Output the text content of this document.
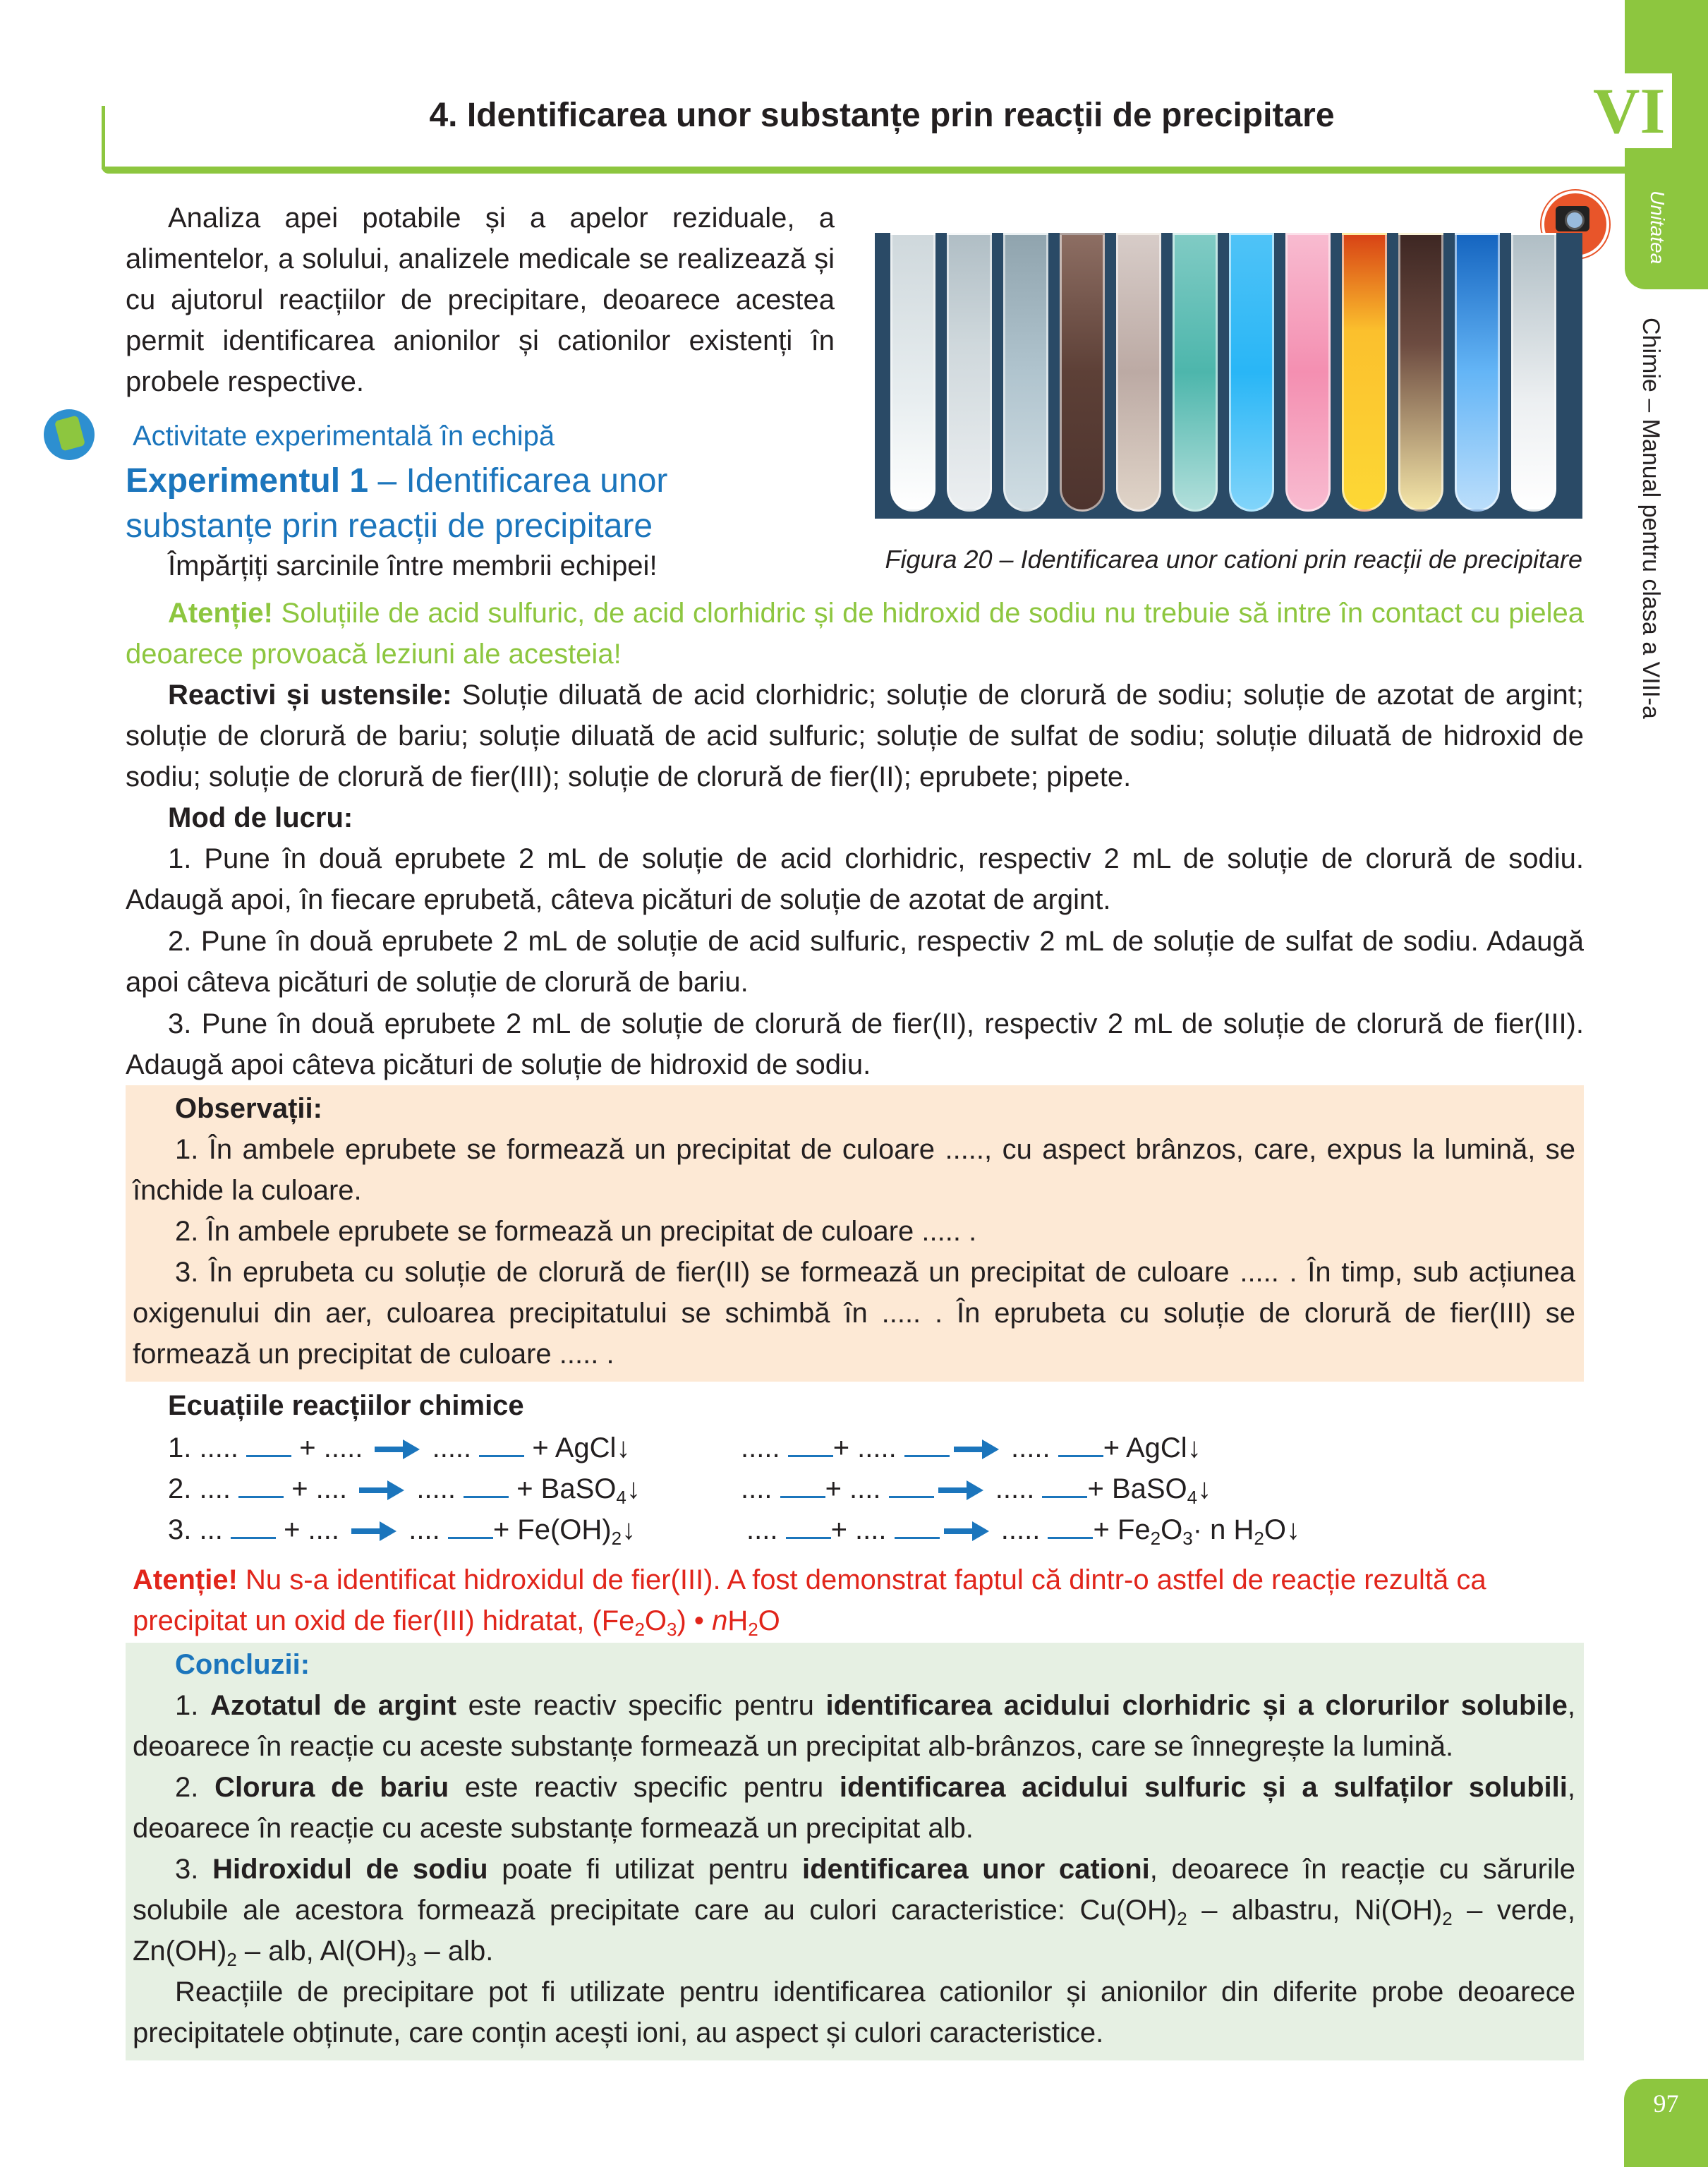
4. Identificarea unor substanțe prin reacții de precipitare	VI
Unitatea
Chimie – Manual pentru clasa a VIII-a
Analiza apei potabile și a apelor reziduale, a alimentelor, a solului, analizele medicale se realizează și cu ajutorul reacțiilor de precipitare, deoarece acestea permit identificarea anionilor și cationilor existenți în probele respective.
Figura 20 – Identificarea unor cationi prin reacții de precipitare
Activitate experimentală în echipă
Experimentul 1 – Identificarea unor substanțe prin reacții de precipitare
Împărțiți sarcinile între membrii echipei!
Atenție! Soluțiile de acid sulfuric, de acid clorhidric și de hidroxid de sodiu nu trebuie să intre în contact cu pielea deoarece provoacă leziuni ale acesteia!
Reactivi și ustensile: Soluție diluată de acid clorhidric; soluție de clorură de sodiu; soluție de azotat de argint; soluție de clorură de bariu; soluție diluată de acid sulfuric; soluție de sulfat de sodiu; soluție diluată de hidroxid de sodiu; soluție de clorură de fier(III); soluție de clorură de fier(II); eprubete; pipete.
Mod de lucru:
1. Pune în două eprubete 2 mL de soluție de acid clorhidric, respectiv 2 mL de soluție de clorură de sodiu. Adaugă apoi, în fiecare eprubetă, câteva picături de soluție de azotat de argint.
2. Pune în două eprubete 2 mL de soluție de acid sulfuric, respectiv 2 mL de soluție de sulfat de sodiu. Adaugă apoi câteva picături de soluție de clorură de bariu.
3. Pune în două eprubete 2 mL de soluție de clorură de fier(II), respectiv 2 mL de soluție de clorură de fier(III). Adaugă apoi câteva picături de soluție de hidroxid de sodiu.
Observații:
1. În ambele eprubete se formează un precipitat de culoare ....., cu aspect brânzos, care, expus la lumină, se închide la culoare.
2. În ambele eprubete se formează un precipitat de culoare ..... .
3. În eprubeta cu soluție de clorură de fier(II) se formează un precipitat de culoare ..... . În timp, sub acțiunea oxigenului din aer, culoarea precipitatului se schimbă în ..... . În eprubeta cu soluție de clorură de fier(III) se formează un precipitat de culoare ..... .
Ecuațiile reacțiilor chimice
1. ..... + ..... ..... + AgCl↓	..... + .....	..... + AgCl↓
2. .... + .... ..... + BaSO$_4$↓	.... + ....	..... + BaSO$_4$↓
3. ... + .... .... + $Fe(OH)_2↓$	.... + ....	..... + $Fe_2O_3\cdot n$ $H_2O↓$
Atenție! Nu s-a identificat hidroxidul de fier(III). A fost demonstrat faptul că dintr-o astfel de reacție rezultă ca precipitat un oxid de fier(III) hidratat, $(Fe_2O_3)$ • $nH_2O$
Concluzii:
1. Azotatul de argint este reactiv specific pentru identificarea acidului clorhidric și a clorurilor solubile, deoarece în reacție cu aceste substanțe formează un precipitat alb-brânzos, care se înnegrește la lumină.
2. Clorura de bariu este reactiv specific pentru identificarea acidului sulfuric și a sulfaților solubili, deoarece în reacție cu aceste substanțe formează un precipitat alb.
3. Hidroxidul de sodiu poate fi utilizat pentru identificarea unor cationi, deoarece în reacție cu sărurile solubile ale acestora formează precipitate care au culori caracteristice: $Cu(OH)_2$ – albastru, $Ni(OH)_2$ – verde, $Zn(OH)_2$ – alb, $Al(OH)_3$ – alb.
Reacțiile de precipitare pot fi utilizate pentru identificarea cationilor și anionilor din diferite probe deoarece precipitatele obținute, care conțin acești ioni, au aspect și culori caracteristice.
97
